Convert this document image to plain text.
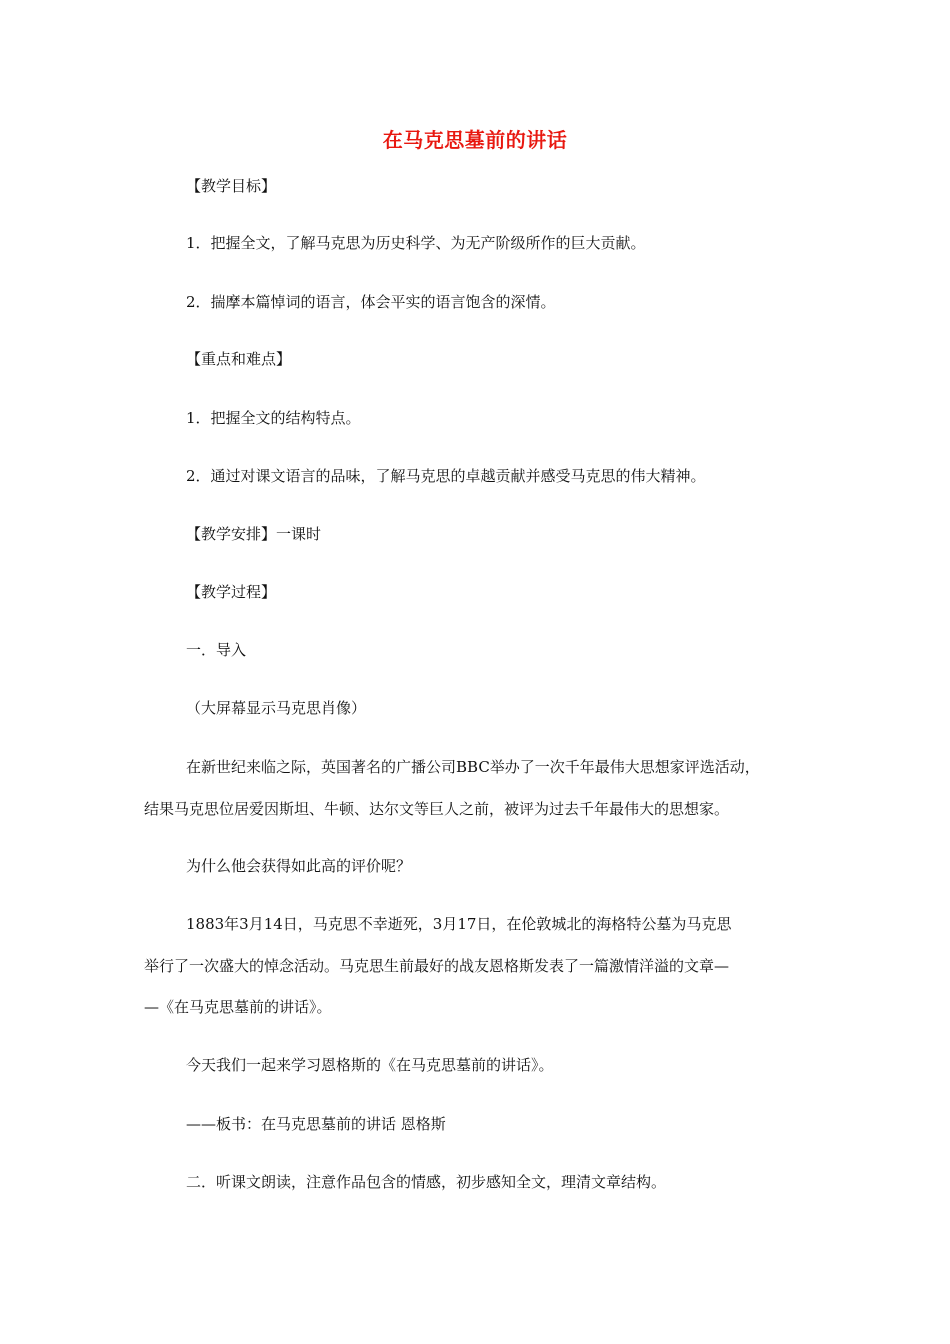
在马克思墓前的讲话
【教学目标】
1．把握全文，了解马克思为历史科学、为无产阶级所作的巨大贡献。
2．揣摩本篇悼词的语言，体会平实的语言饱含的深情。
【重点和难点】
1．把握全文的结构特点。
2．通过对课文语言的品味，了解马克思的卓越贡献并感受马克思的伟大精神。
【教学安排】一课时
【教学过程】
一．导入
（大屏幕显示马克思肖像）
在新世纪来临之际，英国著名的广播公司BBC举办了一次千年最伟大思想家评选活动，
结果马克思位居爱因斯坦、牛顿、达尔文等巨人之前，被评为过去千年最伟大的思想家。
为什么他会获得如此高的评价呢？
1883年3月14日，马克思不幸逝死，3月17日，在伦敦城北的海格特公墓为马克思
举行了一次盛大的悼念活动。马克思生前最好的战友恩格斯发表了一篇激情洋溢的文章—
—《在马克思墓前的讲话》。
今天我们一起来学习恩格斯的《在马克思墓前的讲话》。
——板书：在马克思墓前的讲话 恩格斯
二．听课文朗读，注意作品包含的情感，初步感知全文，理清文章结构。
